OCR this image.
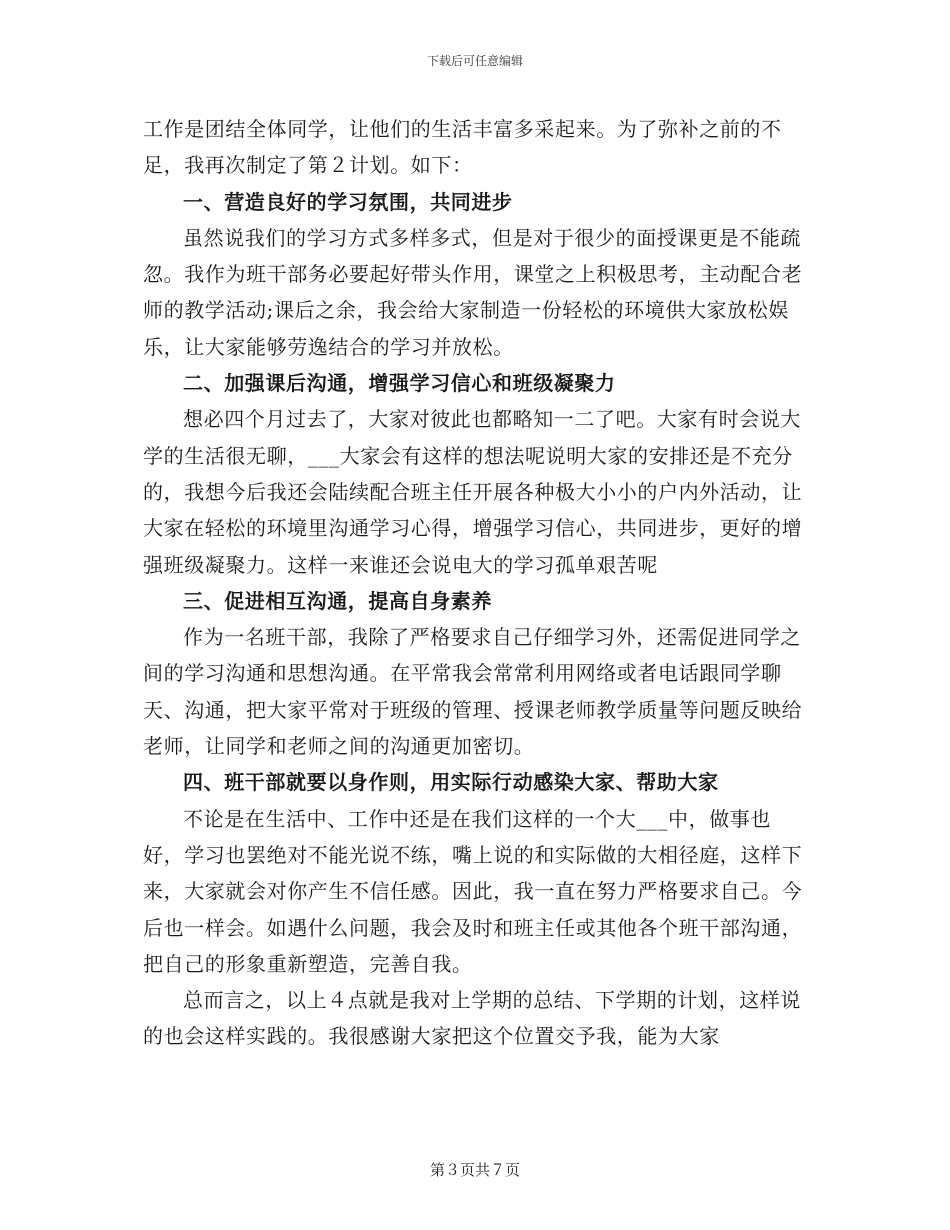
下载后可任意编辑

工作是团结全体同学，让他们的生活丰富多采起来。为了弥补之前的不足，我再次制定了第２计划。如下：

一、营造良好的学习氛围，共同进步

虽然说我们的学习方式多样多式，但是对于很少的面授课更是不能疏忽。我作为班干部务必要起好带头作用，课堂之上积极思考，主动配合老师的教学活动;课后之余，我会给大家制造一份轻松的环境供大家放松娱乐，让大家能够劳逸结合的学习并放松。

二、加强课后沟通，增强学习信心和班级凝聚力

想必四个月过去了，大家对彼此也都略知一二了吧。大家有时会说大学的生活很无聊，___大家会有这样的想法呢说明大家的安排还是不充分的，我想今后我还会陆续配合班主任开展各种极大小小的户内外活动，让大家在轻松的环境里沟通学习心得，增强学习信心，共同进步，更好的增强班级凝聚力。这样一来谁还会说电大的学习孤单艰苦呢

三、促进相互沟通，提高自身素养

作为一名班干部，我除了严格要求自己仔细学习外，还需促进同学之间的学习沟通和思想沟通。在平常我会常常利用网络或者电话跟同学聊天、沟通，把大家平常对于班级的管理、授课老师教学质量等问题反映给老师，让同学和老师之间的沟通更加密切。

四、班干部就要以身作则，用实际行动感染大家、帮助大家

不论是在生活中、工作中还是在我们这样的一个大___中，做事也好，学习也罢绝对不能光说不练，嘴上说的和实际做的大相径庭，这样下来，大家就会对你产生不信任感。因此，我一直在努力严格要求自己。今后也一样会。如遇什么问题，我会及时和班主任或其他各个班干部沟通，把自己的形象重新塑造，完善自我。

总而言之，以上４点就是我对上学期的总结、下学期的计划，这样说的也会这样实践的。我很感谢大家把这个位置交予我，能为大家

第３页共７页
